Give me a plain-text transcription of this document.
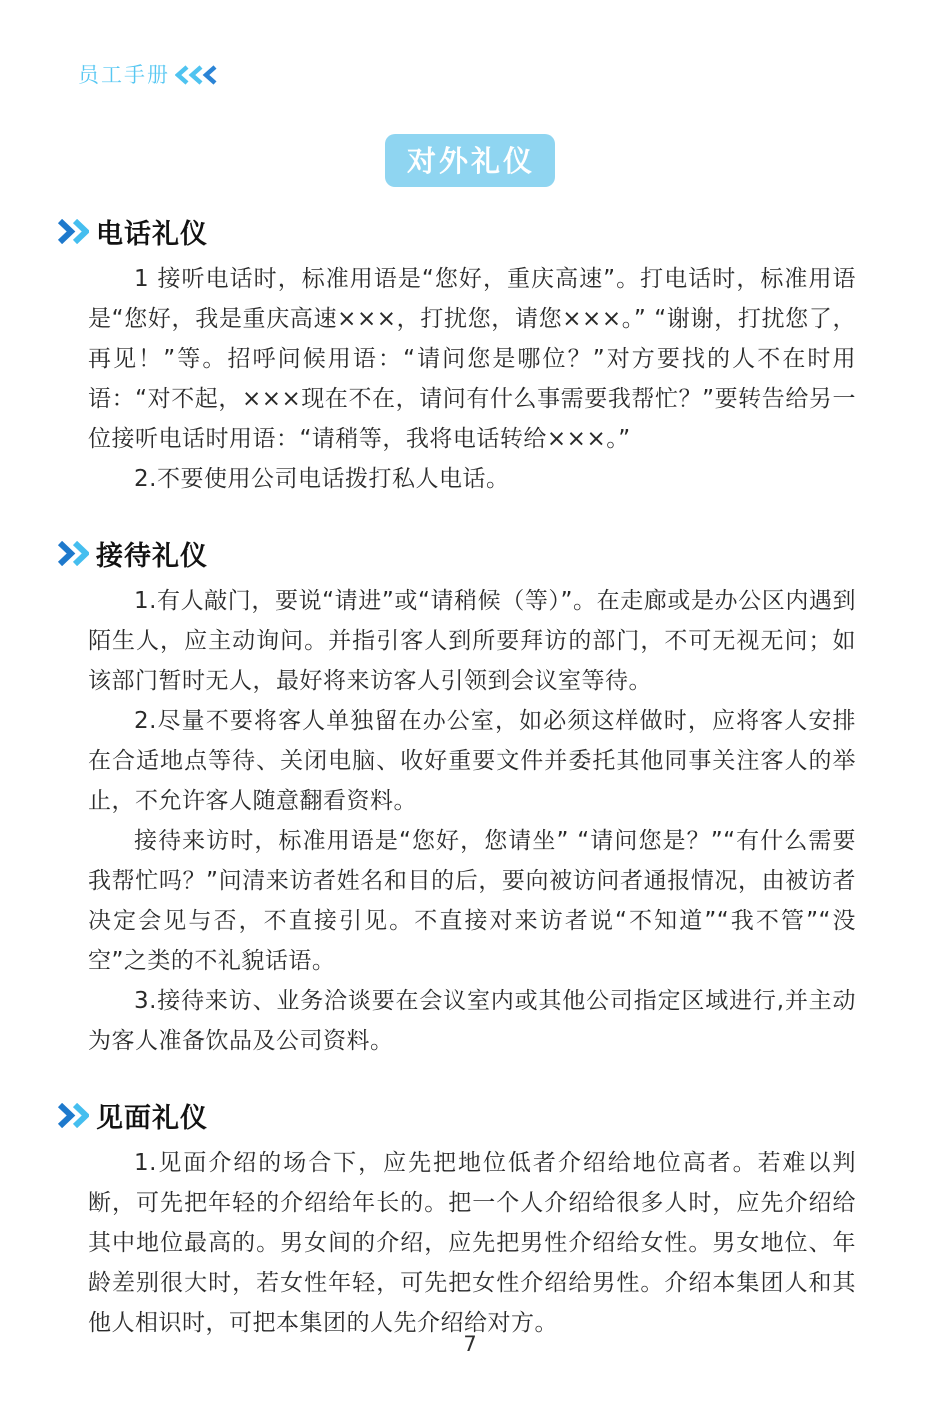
员工手册
对外礼仪
电话礼仪

1 接听电话时，标准用语是“您好，重庆高速”。打电话时，标准用语是“您好，我是重庆高速×××，打扰您，请您×××。” “谢谢，打扰您了，再见！”等。招呼问候用语：“请问您是哪位？”对方要找的人不在时用语：“对不起，×××现在不在，请问有什么事需要我帮忙？”要转告给另一位接听电话时用语：“请稍等，我将电话转给×××。”

2.不要使用公司电话拨打私人电话。

接待礼仪

1.有人敲门，要说“请进”或“请稍候（等）”。在走廊或是办公区内遇到陌生人，应主动询问。并指引客人到所要拜访的部门，不可无视无问；如该部门暂时无人，最好将来访客人引领到会议室等待。

2.尽量不要将客人单独留在办公室，如必须这样做时，应将客人安排在合适地点等待、关闭电脑、收好重要文件并委托其他同事关注客人的举止，不允许客人随意翻看资料。

接待来访时，标准用语是“您好，您请坐” “请问您是？”“有什么需要我帮忙吗？”问清来访者姓名和目的后，要向被访问者通报情况，由被访者决定会见与否，不直接引见。不直接对来访者说“不知道”“我不管”“没空”之类的不礼貌话语。

3.接待来访、业务洽谈要在会议室内或其他公司指定区域进行,并主动为客人准备饮品及公司资料。

见面礼仪

1.见面介绍的场合下，应先把地位低者介绍给地位高者。若难以判断，可先把年轻的介绍给年长的。把一个人介绍给很多人时，应先介绍给其中地位最高的。男女间的介绍，应先把男性介绍给女性。男女地位、年龄差别很大时，若女性年轻，可先把女性介绍给男性。介绍本集团人和其他人相识时，可把本集团的人先介绍给对方。

7
